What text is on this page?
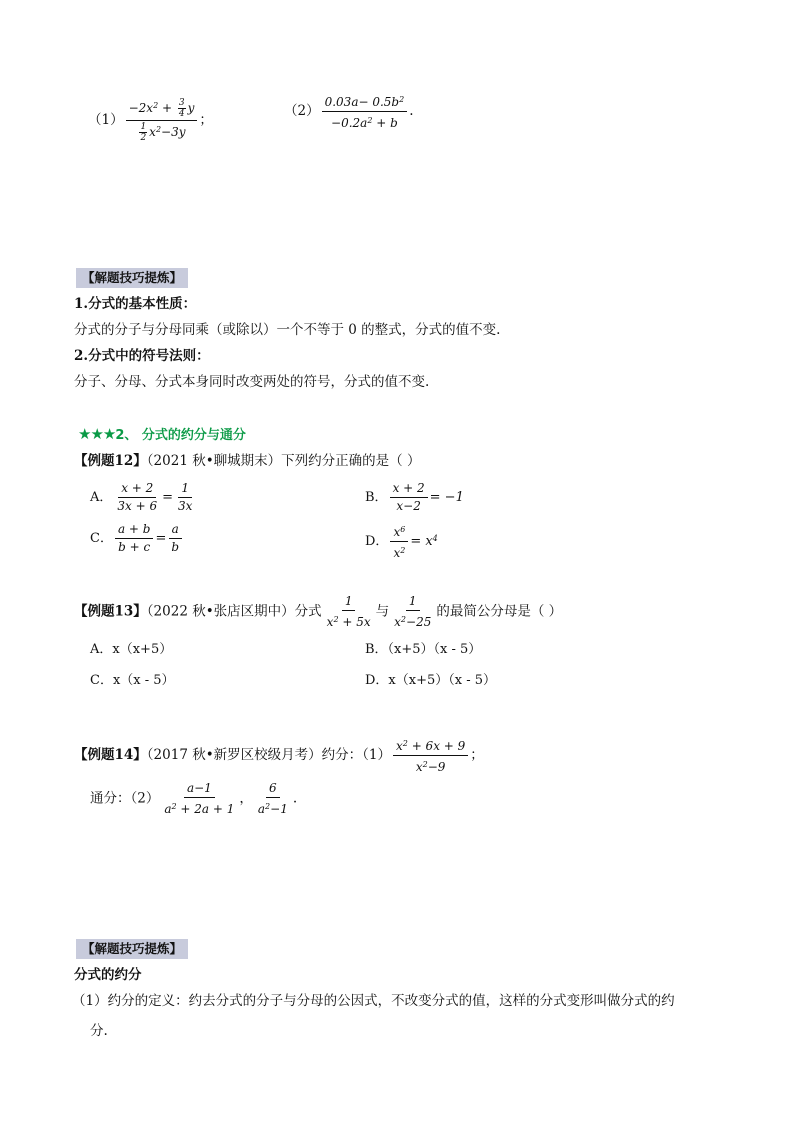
$(1) \frac{-2x^2 + \frac{3}{4} y}{\frac{1}{2} x^2-3y}$ ；
$(2) \frac{0.03a- 0.5b^2}{-0.2a^2 + b}$ .
【解题技巧提炼】
1.分式的基本性质：
分式的分子与分母同乘（或除以）一个不等于 0 的整式，分式的值不变.
2.分式中的符号法则：
分子、分母、分式本身同时改变两处的符号，分式的值不变.
★★★2、 分式的约分与通分
【例题12】（2021 秋•聊城期末）下列约分正确的是（ ）
A． $\frac{x + 2}{3x + 6} = \frac{1}{3x}$	B． $\frac{x + 2}{x-2} = -1$
C． $\frac{a + b}{b + c} = \frac{a}{b}$	D． $\frac{x^6}{x^2} = x^4$
【例题13】（2022 秋•张店区期中）分式 $\frac{1}{x^2 + 5x}$ 与 $\frac{1}{x^2-25}$ 的最简公分母是（ ）
A．x（x+5）	B．（x+5）（x - 5）
C．x（x - 5）	D．x（x+5）（x - 5）
【例题14】（2017 秋•新罗区校级月考）约分：$(1) \frac{x^2 + 6x + 9}{x^2-9}$ ；
通分：$(2) \frac{a-1}{a^2 + 2a + 1}$ ， $\frac{6}{a^2-1}$ .
【解题技巧提炼】
分式的约分
（1）约分的定义：约去分式的分子与分母的公因式，不改变分式的值，这样的分式变形叫做分式的约
分.
